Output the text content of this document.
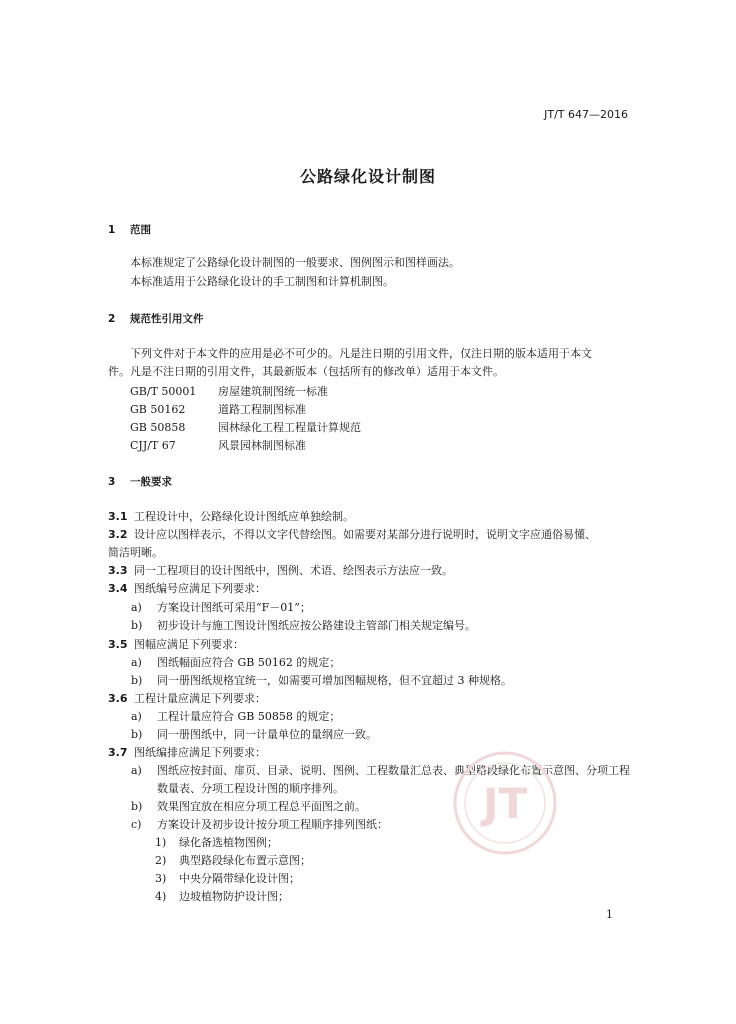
JT/T 647—2016
公路绿化设计制图
1 范围
本标准规定了公路绿化设计制图的一般要求、图例图示和图样画法。
本标准适用于公路绿化设计的手工制图和计算机制图。
2 规范性引用文件
下列文件对于本文件的应用是必不可少的。凡是注日期的引用文件，仅注日期的版本适用于本文
件。凡是不注日期的引用文件，其最新版本（包括所有的修改单）适用于本文件。
GB/T 50001 房屋建筑制图统一标准
GB 50162	道路工程制图标准
GB 50858	园林绿化工程工程量计算规范
CJJ/T 67	风景园林制图标准
3 一般要求
3.1 工程设计中，公路绿化设计图纸应单独绘制。
3.2 设计应以图样表示，不得以文字代替绘图。如需要对某部分进行说明时，说明文字应通俗易懂、
简洁明晰。
3.3 同一工程项目的设计图纸中，图例、术语、绘图表示方法应一致。
3.4 图纸编号应满足下列要求：
a) 方案设计图纸可采用“F－01”；
b) 初步设计与施工图设计图纸应按公路建设主管部门相关规定编号。
3.5 图幅应满足下列要求：
a) 图纸幅面应符合 GB 50162 的规定；
b) 同一册图纸规格宜统一，如需要可增加图幅规格，但不宜超过 3 种规格。
3.6 工程计量应满足下列要求：
a) 工程计量应符合 GB 50858 的规定；
b) 同一册图纸中，同一计量单位的量纲应一致。
3.7 图纸编排应满足下列要求：
a) 图纸应按封面、扉页、目录、说明、图例、工程数量汇总表、典型路段绿化布置示意图、分项工程
数量表、分项工程设计图的顺序排列。
b) 效果图宜放在相应分项工程总平面图之前。
c) 方案设计及初步设计按分项工程顺序排列图纸：
1) 绿化备选植物图例；
2) 典型路段绿化布置示意图；
3) 中央分隔带绿化设计图；
4) 边坡植物防护设计图；
JT
1
